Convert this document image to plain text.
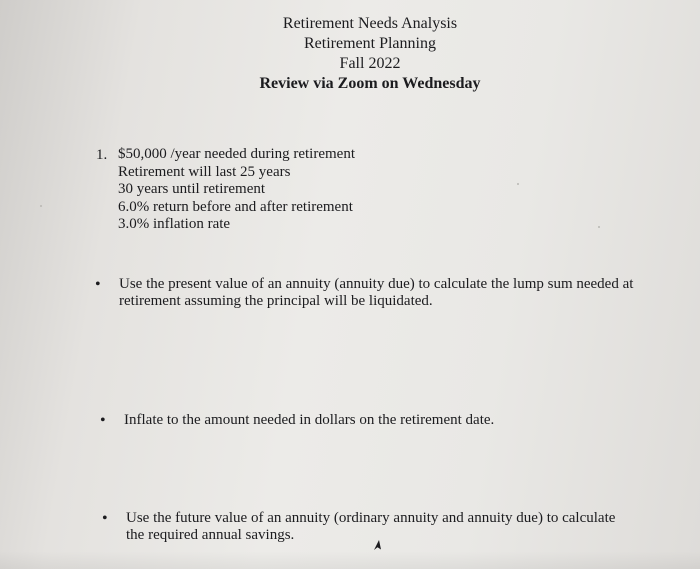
Retirement Needs Analysis
Retirement Planning
Fall 2022
Review via Zoom on Wednesday
1. $50,000 /year needed during retirement
Retirement will last 25 years
30 years until retirement
6.0% return before and after retirement
3.0% inflation rate
• Use the present value of an annuity (annuity due) to calculate the lump sum needed at retirement assuming the principal will be liquidated.
• Inflate to the amount needed in dollars on the retirement date.
• Use the future value of an annuity (ordinary annuity and annuity due) to calculate the required annual savings.
